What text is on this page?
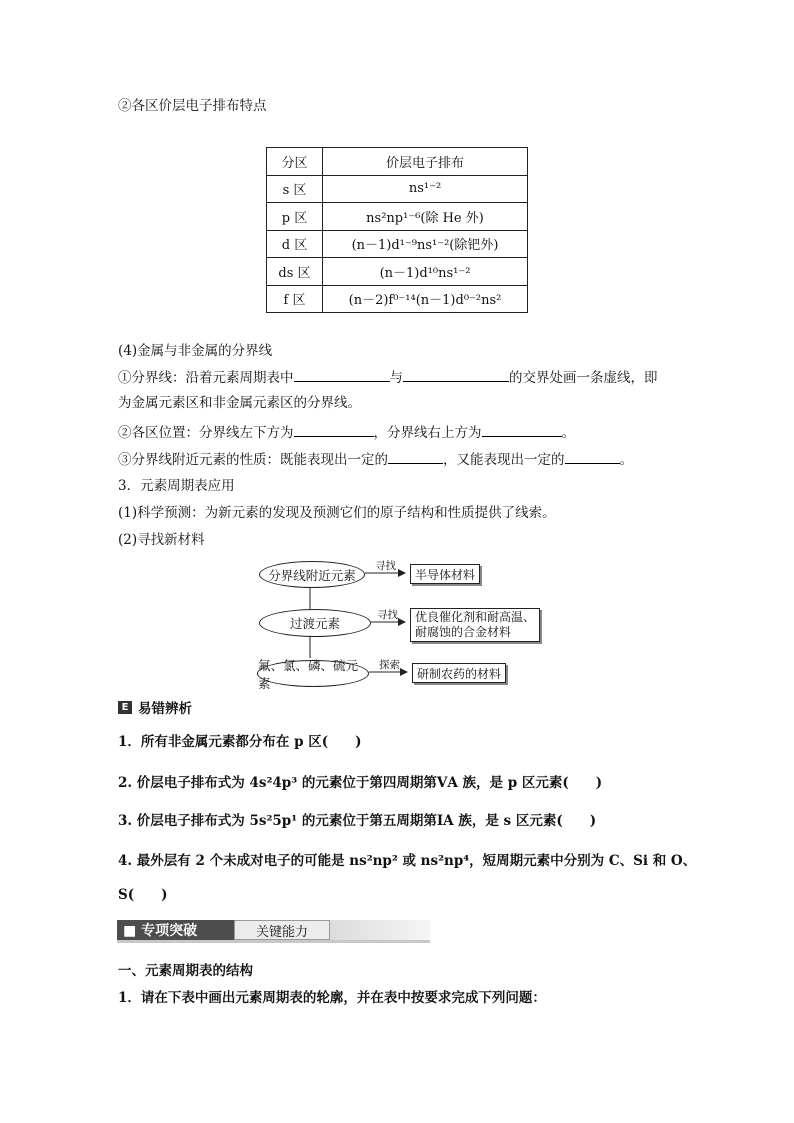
②各区价层电子排布特点
分区	价层电子排布
s 区	ns¹⁻²
p 区	ns²np¹⁻⁶(除 He 外)
d 区	(n－1)d¹⁻⁹ns¹⁻²(除钯外)
ds 区	(n－1)d¹⁰ns¹⁻²
f 区	(n－2)f⁰⁻¹⁴(n－1)d⁰⁻²ns²
(4)金属与非金属的分界线
①分界线：沿着元素周期表中	与	的交界处画一条虚线，即
为金属元素区和非金属元素区的分界线。
②各区位置：分界线左下方为	，分界线右上方为	。
③分界线附近元素的性质：既能表现出一定的	，又能表现出一定的	。
3．元素周期表应用
(1)科学预测：为新元素的发现及预测它们的原子结构和性质提供了线索。
(2)寻找新材料
分界线附近元素
过渡元素
氟、氯、磷、硫元素
寻找
寻找
探索
半导体材料
优良催化剂和耐高温、
耐腐蚀的合金材料
研制农药的材料
E 易错辨析
1．所有非金属元素都分布在 p 区(　　)
2. 价层电子排布式为 4s²4p³ 的元素位于第四周期第ⅤA 族，是 p 区元素(　　)
3. 价层电子排布式为 5s²5p¹ 的元素位于第五周期第ⅠA 族，是 s 区元素(　　)
4. 最外层有 2 个未成对电子的可能是 ns²np² 或 ns²np⁴，短周期元素中分别为 C、Si 和 O、
S(　　)
■ 专项突破	关键能力
一、元素周期表的结构
1．请在下表中画出元素周期表的轮廓，并在表中按要求完成下列问题：
